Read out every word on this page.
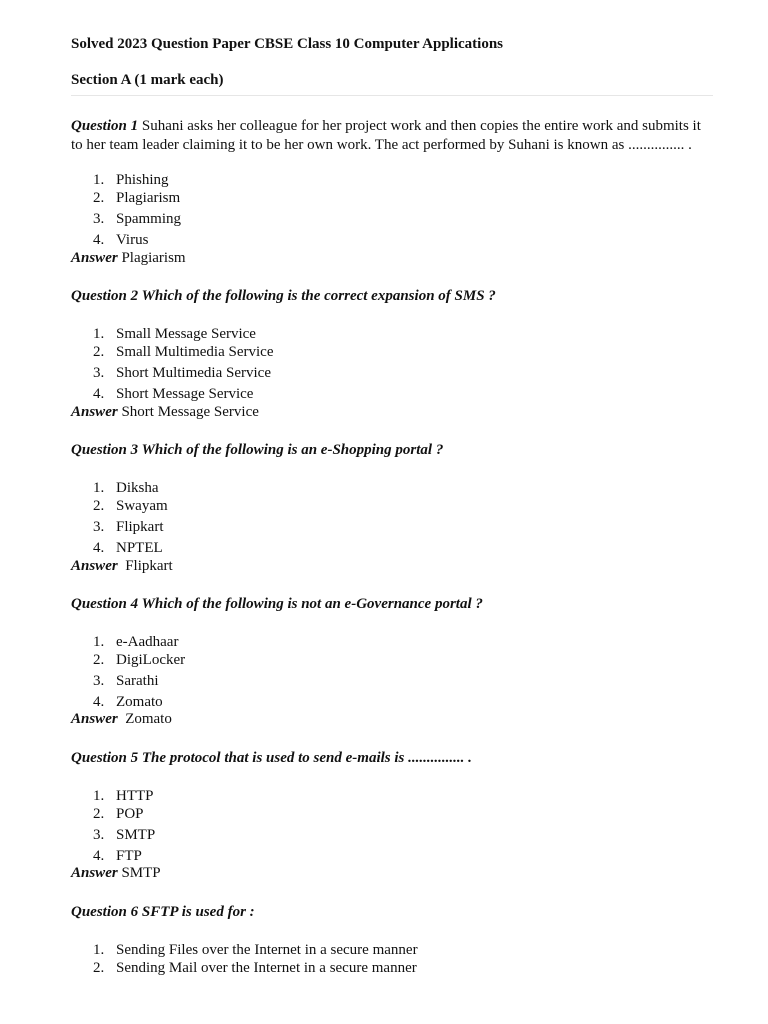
Solved 2023 Question Paper CBSE Class 10 Computer Applications
Section A (1 mark each)
Question 1 Suhani asks her colleague for her project work and then copies the entire work and submits it to her team leader claiming it to be her own work. The act performed by Suhani is known as ............... .
1. Phishing
2. Plagiarism
3. Spamming
4. Virus
Answer Plagiarism
Question 2 Which of the following is the correct expansion of SMS ?
1. Small Message Service
2. Small Multimedia Service
3. Short Multimedia Service
4. Short Message Service
Answer Short Message Service
Question 3 Which of the following is an e-Shopping portal ?
1. Diksha
2. Swayam
3. Flipkart
4. NPTEL
Answer Flipkart
Question 4 Which of the following is not an e-Governance portal ?
1. e-Aadhaar
2. DigiLocker
3. Sarathi
4. Zomato
Answer Zomato
Question 5 The protocol that is used to send e-mails is ............... .
1. HTTP
2. POP
3. SMTP
4. FTP
Answer SMTP
Question 6 SFTP is used for :
1. Sending Files over the Internet in a secure manner
2. Sending Mail over the Internet in a secure manner
